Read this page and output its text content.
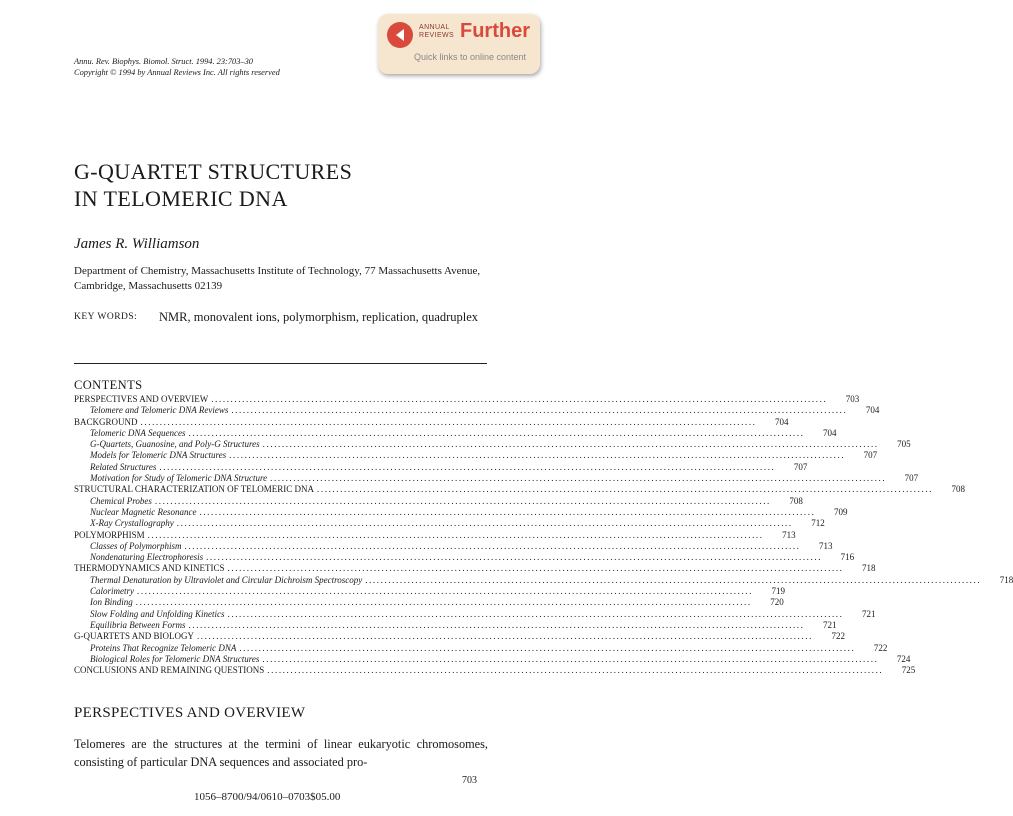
ANNUAL
REVIEWS Further
Quick links to online content
Annu. Rev. Biophys. Biomol. Struct. 1994. 23:703–30
Copyright © 1994 by Annual Reviews Inc. All rights reserved
G-QUARTET STRUCTURES
IN TELOMERIC DNA
James R. Williamson
Department of Chemistry, Massachusetts Institute of Technology, 77 Massachusetts Avenue, Cambridge, Massachusetts 02139
KEY WORDS: NMR, monovalent ions, polymorphism, replication, quadruplex
CONTENTS
PERSPECTIVES AND OVERVIEW ................................................................................................................................................................	703
Telomere and Telomeric DNA Reviews ................................................................................................................................................................	704
BACKGROUND ................................................................................................................................................................	704
Telomeric DNA Sequences ................................................................................................................................................................	704
G-Quartets, Guanosine, and Poly-G Structures ................................................................................................................................................................	705
Models for Telomeric DNA Structures ................................................................................................................................................................	707
Related Structures ................................................................................................................................................................	707
Motivation for Study of Telomeric DNA Structure ................................................................................................................................................................	707
STRUCTURAL CHARACTERIZATION OF TELOMERIC DNA ................................................................................................................................................................	708
Chemical Probes ................................................................................................................................................................	708
Nuclear Magnetic Resonance ................................................................................................................................................................	709
X-Ray Crystallography ................................................................................................................................................................	712
POLYMORPHISM ................................................................................................................................................................	713
Classes of Polymorphism ................................................................................................................................................................	713
Nondenaturing Electrophoresis ................................................................................................................................................................	716
THERMODYNAMICS AND KINETICS ................................................................................................................................................................	718
Thermal Denaturation by Ultraviolet and Circular Dichroism Spectroscopy ................................................................................................................................................................	718
Calorimetry ................................................................................................................................................................	719
Ion Binding ................................................................................................................................................................	720
Slow Folding and Unfolding Kinetics ................................................................................................................................................................	721
Equilibria Between Forms ................................................................................................................................................................	721
G-QUARTETS AND BIOLOGY ................................................................................................................................................................	722
Proteins That Recognize Telomeric DNA ................................................................................................................................................................	722
Biological Roles for Telomeric DNA Structures ................................................................................................................................................................	724
CONCLUSIONS AND REMAINING QUESTIONS ................................................................................................................................................................	725
PERSPECTIVES AND OVERVIEW
Telomeres are the structures at the termini of linear eukaryotic chromosomes, consisting of particular DNA sequences and associated pro-
703
1056–8700/94/0610–0703$05.00
